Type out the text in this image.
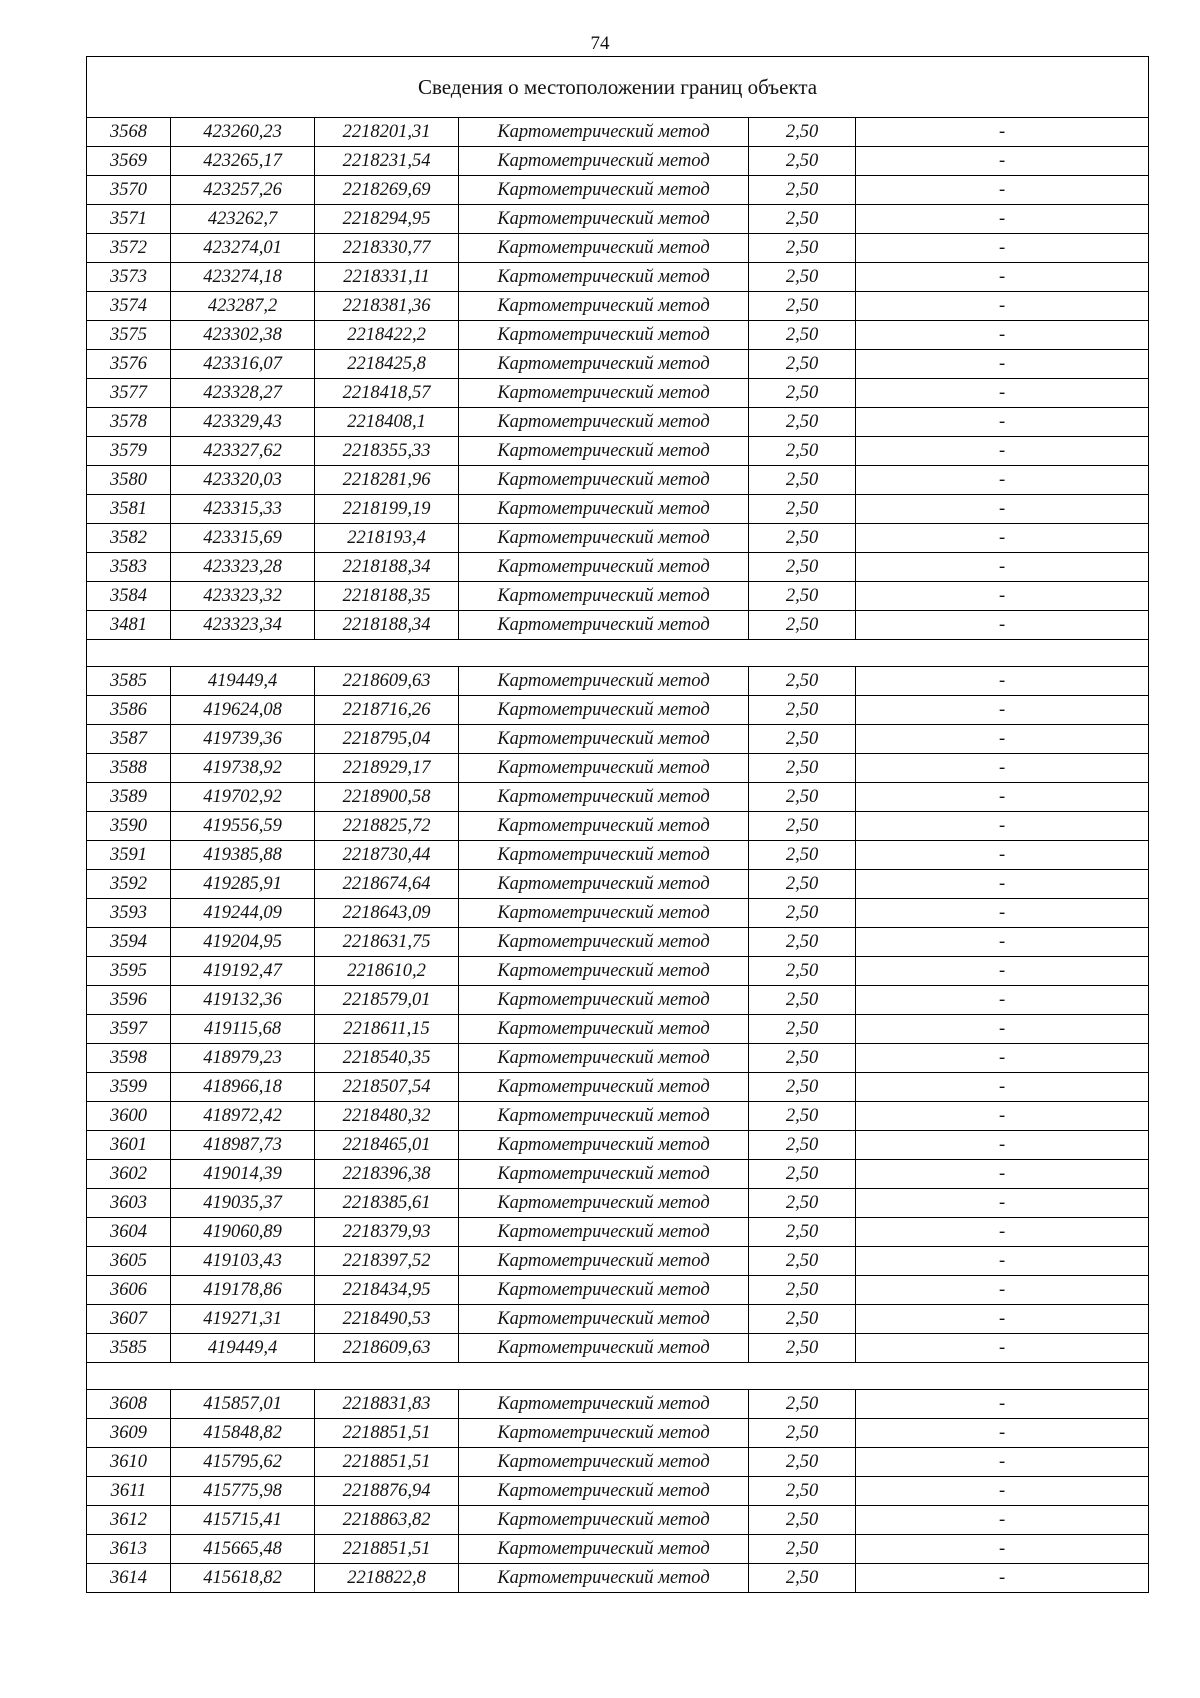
74
Сведения о местоположении границ объекта					
3568	423260,23	2218201,31	Картометрический метод	2,50	-
3569	423265,17	2218231,54	Картометрический метод	2,50	-
3570	423257,26	2218269,69	Картометрический метод	2,50	-
3571	423262,7	2218294,95	Картометрический метод	2,50	-
3572	423274,01	2218330,77	Картометрический метод	2,50	-
3573	423274,18	2218331,11	Картометрический метод	2,50	-
3574	423287,2	2218381,36	Картометрический метод	2,50	-
3575	423302,38	2218422,2	Картометрический метод	2,50	-
3576	423316,07	2218425,8	Картометрический метод	2,50	-
3577	423328,27	2218418,57	Картометрический метод	2,50	-
3578	423329,43	2218408,1	Картометрический метод	2,50	-
3579	423327,62	2218355,33	Картометрический метод	2,50	-
3580	423320,03	2218281,96	Картометрический метод	2,50	-
3581	423315,33	2218199,19	Картометрический метод	2,50	-
3582	423315,69	2218193,4	Картометрический метод	2,50	-
3583	423323,28	2218188,34	Картометрический метод	2,50	-
3584	423323,32	2218188,35	Картометрический метод	2,50	-
3481	423323,34	2218188,34	Картометрический метод	2,50	-

3585	419449,4	2218609,63	Картометрический метод	2,50	-
3586	419624,08	2218716,26	Картометрический метод	2,50	-
3587	419739,36	2218795,04	Картометрический метод	2,50	-
3588	419738,92	2218929,17	Картометрический метод	2,50	-
3589	419702,92	2218900,58	Картометрический метод	2,50	-
3590	419556,59	2218825,72	Картометрический метод	2,50	-
3591	419385,88	2218730,44	Картометрический метод	2,50	-
3592	419285,91	2218674,64	Картометрический метод	2,50	-
3593	419244,09	2218643,09	Картометрический метод	2,50	-
3594	419204,95	2218631,75	Картометрический метод	2,50	-
3595	419192,47	2218610,2	Картометрический метод	2,50	-
3596	419132,36	2218579,01	Картометрический метод	2,50	-
3597	419115,68	2218611,15	Картометрический метод	2,50	-
3598	418979,23	2218540,35	Картометрический метод	2,50	-
3599	418966,18	2218507,54	Картометрический метод	2,50	-
3600	418972,42	2218480,32	Картометрический метод	2,50	-
3601	418987,73	2218465,01	Картометрический метод	2,50	-
3602	419014,39	2218396,38	Картометрический метод	2,50	-
3603	419035,37	2218385,61	Картометрический метод	2,50	-
3604	419060,89	2218379,93	Картометрический метод	2,50	-
3605	419103,43	2218397,52	Картометрический метод	2,50	-
3606	419178,86	2218434,95	Картометрический метод	2,50	-
3607	419271,31	2218490,53	Картометрический метод	2,50	-
3585	419449,4	2218609,63	Картометрический метод	2,50	-

3608	415857,01	2218831,83	Картометрический метод	2,50	-
3609	415848,82	2218851,51	Картометрический метод	2,50	-
3610	415795,62	2218851,51	Картометрический метод	2,50	-
3611	415775,98	2218876,94	Картометрический метод	2,50	-
3612	415715,41	2218863,82	Картометрический метод	2,50	-
3613	415665,48	2218851,51	Картометрический метод	2,50	-
3614	415618,82	2218822,8	Картометрический метод	2,50	-
